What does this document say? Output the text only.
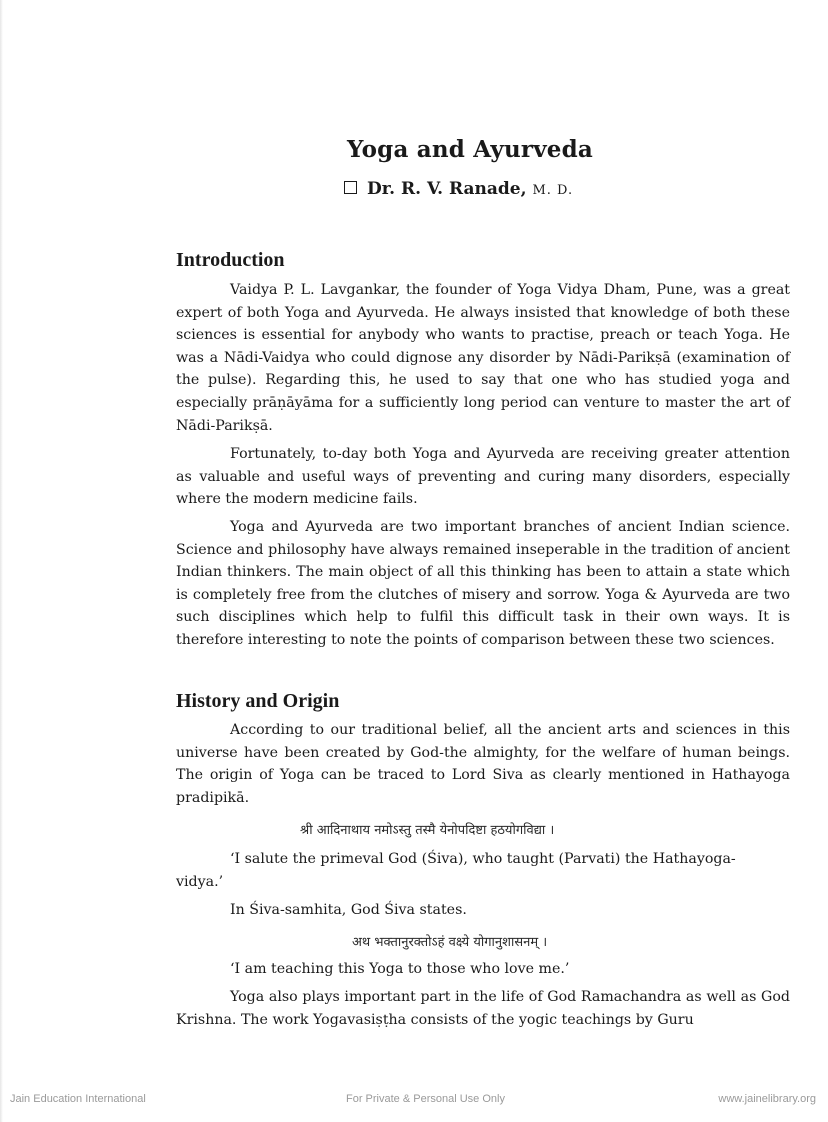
Yoga and Ayurveda
Dr. R. V. Ranade, M. D.
Introduction

Vaidya P. L. Lavgankar, the founder of Yoga Vidya Dham, Pune, was a great expert of both Yoga and Ayurveda. He always insisted that knowledge of both these sciences is essential for anybody who wants to practise, preach or teach Yoga. He was a Nādi-Vaidya who could dignose any disorder by Nādi-Parikṣā (examination of the pulse). Regarding this, he used to say that one who has studied yoga and especially prāṇāyāma for a sufficiently long period can venture to master the art of Nādi-Parikṣā.

Fortunately, to-day both Yoga and Ayurveda are receiving greater attention as valuable and useful ways of preventing and curing many disorders, especially where the modern medicine fails.

Yoga and Ayurveda are two important branches of ancient Indian science. Science and philosophy have always remained inseperable in the tradition of ancient Indian thinkers. The main object of all this thinking has been to attain a state which is completely free from the clutches of misery and sorrow. Yoga & Ayurveda are two such disciplines which help to fulfil this difficult task in their own ways. It is therefore interesting to note the points of comparison between these two sciences.

History and Origin

According to our traditional belief, all the ancient arts and sciences in this universe have been created by God-the almighty, for the welfare of human beings. The origin of Yoga can be traced to Lord Siva as clearly mentioned in Hathayoga pradipikā.

श्री आदिनाथाय नमोऽस्तु तस्मै येनोपदिष्टा हठयोगविद्या ।

‘I salute the primeval God (Śiva), who taught (Parvati) the Hathayoga-

vidya.’

In Śiva-samhita, God Śiva states.

अथ भक्तानुरक्तोऽहं वक्ष्ये योगानुशासनम् ।

‘I am teaching this Yoga to those who love me.’

Yoga also plays important part in the life of God Ramachandra as well as God Krishna. The work Yogavasiṣṭha consists of the yogic teachings by Guru

Jain Education International	For Private & Personal Use Only	www.jainelibrary.org
